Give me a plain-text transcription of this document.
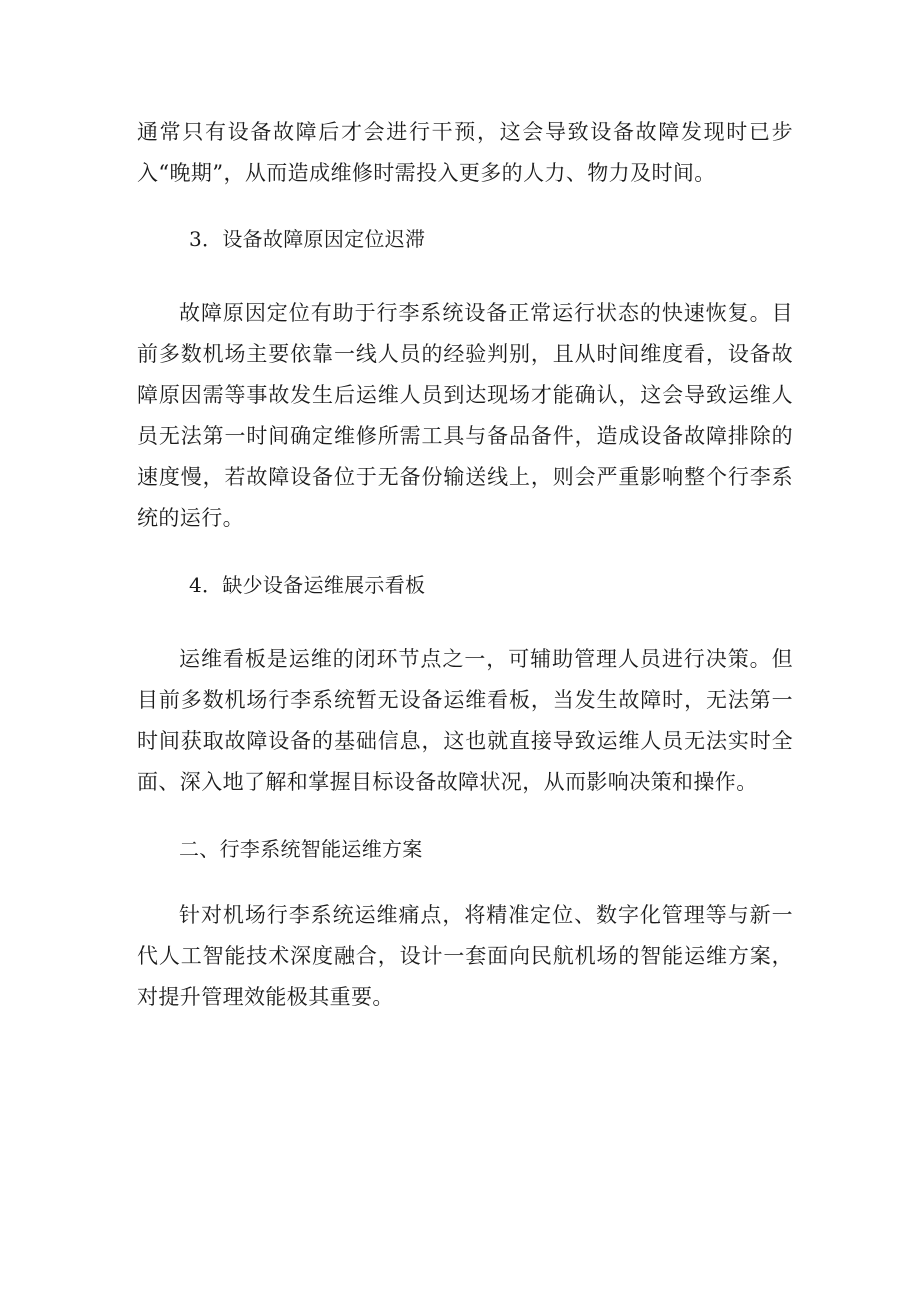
通常只有设备故障后才会进行干预，这会导致设备故障发现时已步入“晚期”，从而造成维修时需投入更多的人力、物力及时间。

3．设备故障原因定位迟滞

故障原因定位有助于行李系统设备正常运行状态的快速恢复。目前多数机场主要依靠一线人员的经验判别，且从时间维度看，设备故障原因需等事故发生后运维人员到达现场才能确认，这会导致运维人员无法第一时间确定维修所需工具与备品备件，造成设备故障排除的速度慢，若故障设备位于无备份输送线上，则会严重影响整个行李系统的运行。

4．缺少设备运维展示看板

运维看板是运维的闭环节点之一，可辅助管理人员进行决策。但目前多数机场行李系统暂无设备运维看板，当发生故障时，无法第一时间获取故障设备的基础信息，这也就直接导致运维人员无法实时全面、深入地了解和掌握目标设备故障状况，从而影响决策和操作。

二、行李系统智能运维方案

针对机场行李系统运维痛点，将精准定位、数字化管理等与新一代人工智能技术深度融合，设计一套面向民航机场的智能运维方案，对提升管理效能极其重要。
